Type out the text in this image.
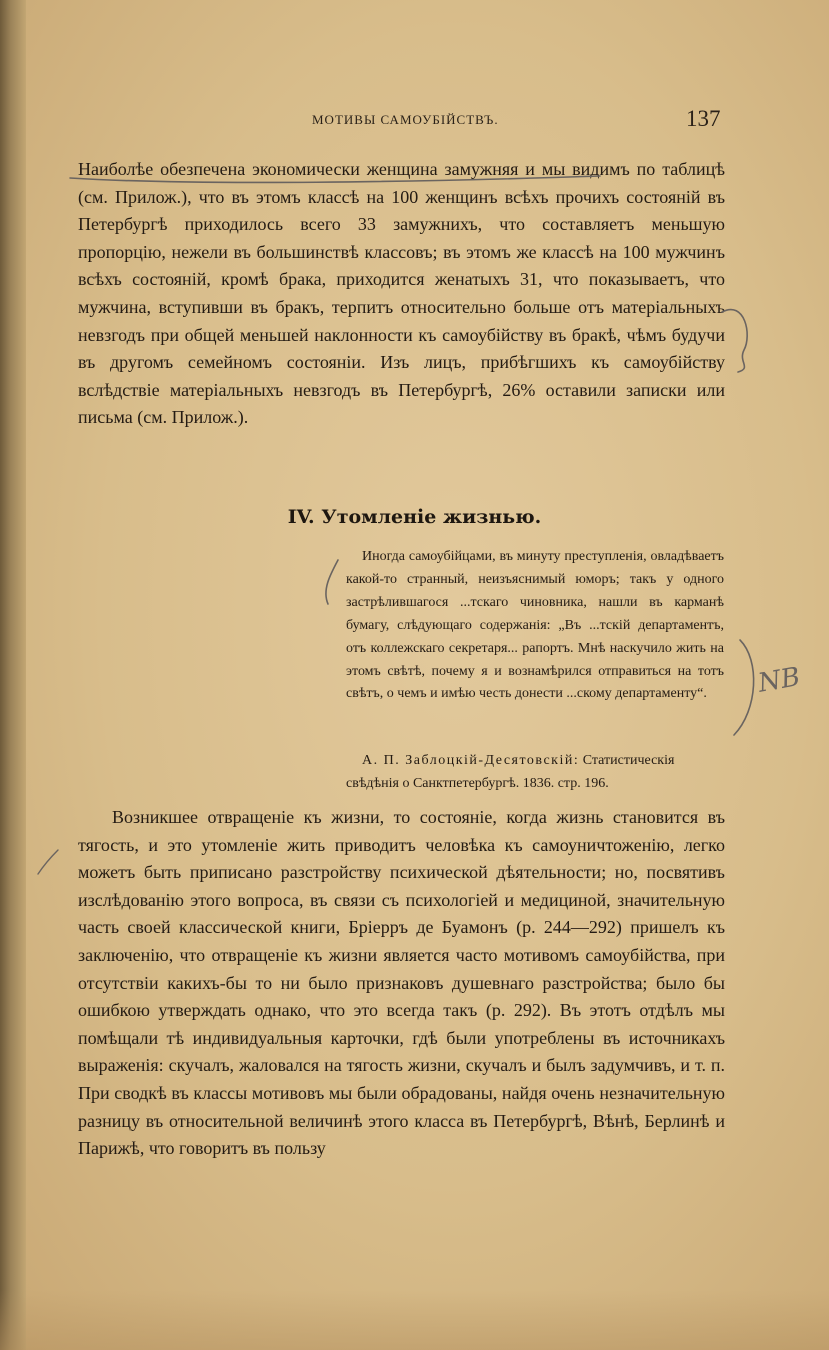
МОТИВЫ САМОУБІЙСТВЪ.	137

Наиболѣе обезпечена экономически женщина замужняя и мы видимъ по таблицѣ (см. Прилож.), что въ этомъ классѣ на 100 женщинъ всѣхъ прочихъ состояній въ Петербургѣ приходилось всего 33 замужнихъ, что составляетъ меньшую пропорцію, нежели въ большинствѣ классовъ; въ этомъ же классѣ на 100 мужчинъ всѣхъ состояній, кромѣ брака, приходится женатыхъ 31, что показываетъ, что мужчина, вступивши въ бракъ, терпитъ относительно больше отъ матеріальныхъ невзгодъ при общей меньшей наклонности къ самоубійству въ бракѣ, чѣмъ будучи въ другомъ семейномъ состояніи. Изъ лицъ, прибѣгшихъ къ самоубійству вслѣдствіе матеріальныхъ невзгодъ въ Петербургѣ, 26% оставили записки или письма (см. Прилож.).

IV. Утомленіе жизнью.

Иногда самоубійцами, въ минуту преступленія, овладѣваетъ какой-то странный, неизъяснимый юморъ; такъ у одного застрѣлившагося ...тскаго чиновника, нашли въ карманѣ бумагу, слѣдующаго содержанія: „Въ ...тскій департаментъ, отъ коллежскаго секретаря... рапортъ. Мнѣ наскучило жить на этомъ свѣтѣ, почему я и вознамѣрился отправиться на тотъ свѣтъ, о чемъ и имѣю честь донести ...скому департаменту“.

А. П. Заблоцкій-Десятовскій: Статистическія свѣдѣнія о Санктпетербургѣ. 1836. стр. 196.

Возникшее отвращеніе къ жизни, то состояніе, когда жизнь становится въ тягость, и это утомленіе жить приводитъ человѣка къ самоуничтоженію, легко можетъ быть приписано разстройству психической дѣятельности; но, посвятивъ изслѣдованію этого вопроса, въ связи съ психологіей и медициной, значительную часть своей классической книги, Бріерръ де Буамонъ (р. 244—292) пришелъ къ заключенію, что отвращеніе къ жизни является часто мотивомъ самоубійства, при отсутствіи какихъ-бы то ни было признаковъ душевнаго разстройства; было бы ошибкою утверждать однако, что это всегда такъ (р. 292). Въ этотъ отдѣлъ мы помѣщали тѣ индивидуальныя карточки, гдѣ были употреблены въ источникахъ выраженія: скучалъ, жаловался на тягость жизни, скучалъ и былъ задумчивъ, и т. п. При сводкѣ въ классы мотивовъ мы были обрадованы, найдя очень незначительную разницу въ относительной величинѣ этого класса въ Петербургѣ, Вѣнѣ, Берлинѣ и Парижѣ, что говоритъ въ пользу

NB
